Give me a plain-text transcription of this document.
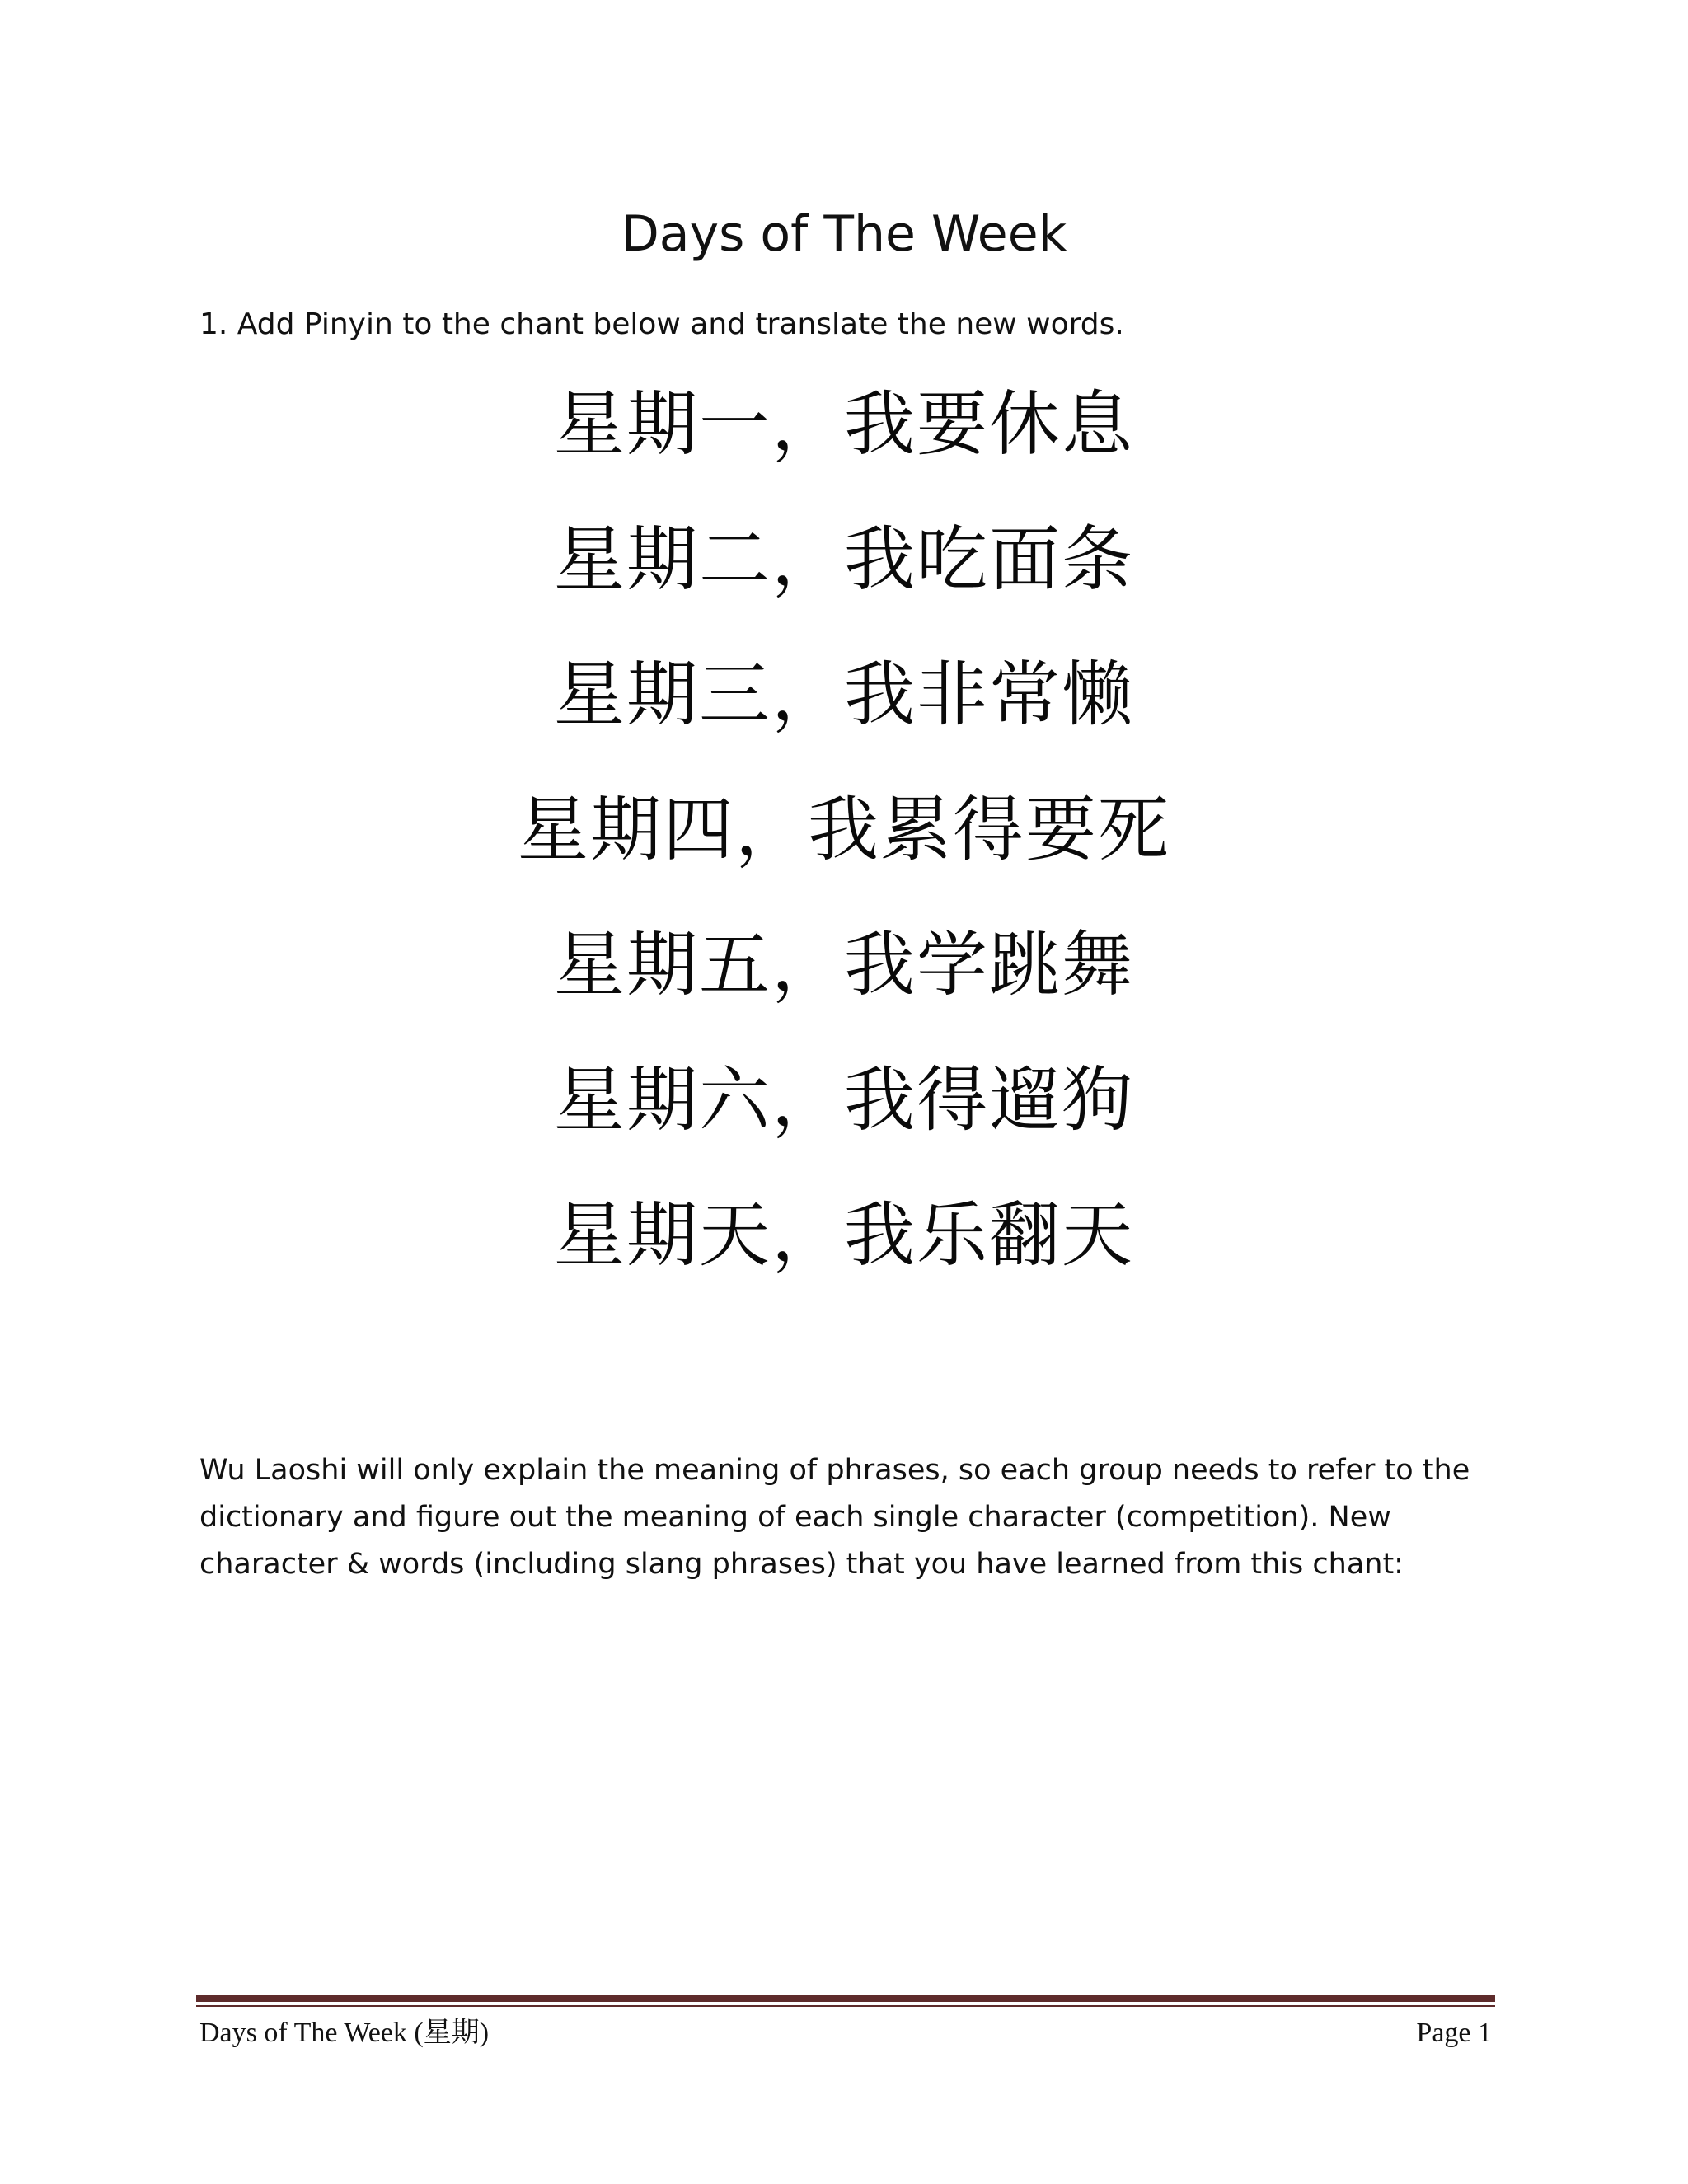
Days of The Week
1. Add Pinyin to the chant below and translate the new words.
星期一，我要休息
星期二，我吃面条
星期三，我非常懒
星期四，我累得要死
星期五，我学跳舞
星期六，我得遛狗
星期天，我乐翻天
Wu Laoshi will only explain the meaning of phrases, so each group needs to refer to the dictionary and figure out the meaning of each single character (competition). New character & words (including slang phrases) that you have learned from this chant:
Days of The Week (星期)	Page 1
